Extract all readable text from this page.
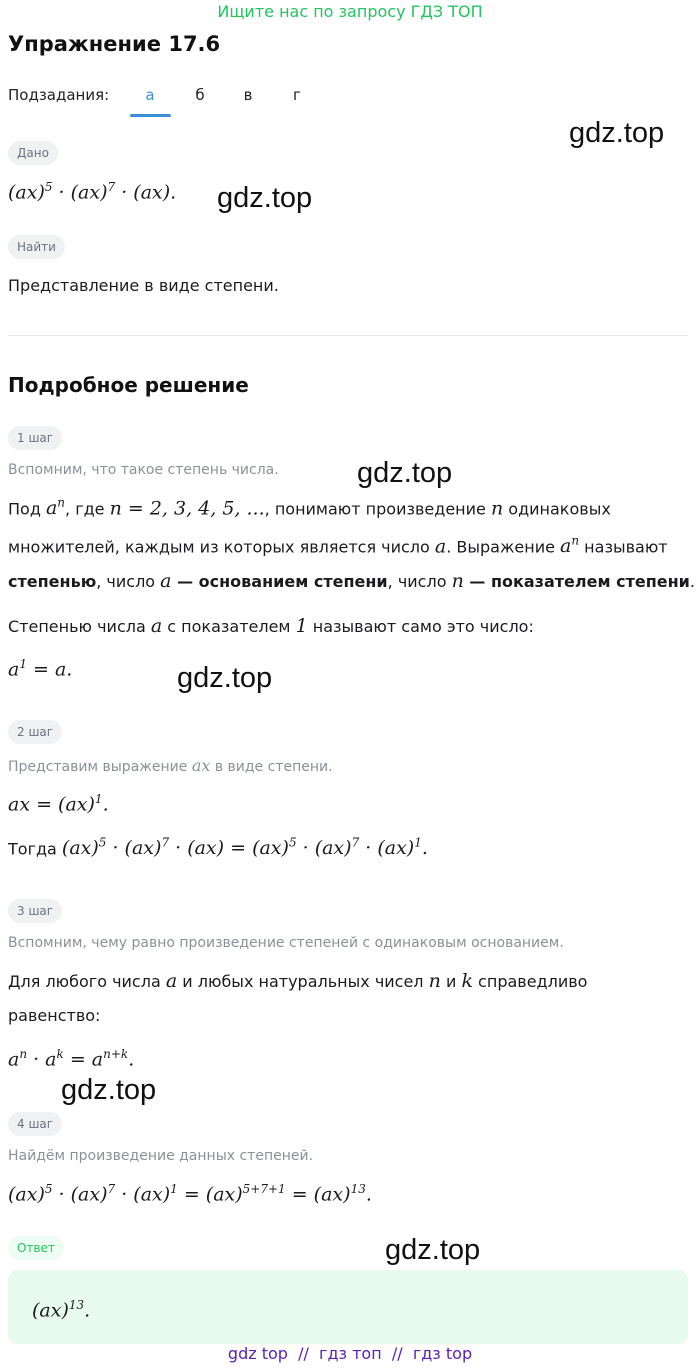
Ищите нас по запросу ГДЗ ТОП
Упражнение 17.6
Подзадания:	а	б	в	г
Дано
(ax)$^5$ · (ax)$^7$ · (ax).
Найти
Представление в виде степени.
Подробное решение
1 шаг
Вспомним, что такое степень числа.
Под $a^n$, где n = 2, 3, 4, 5, ..., понимают произведение n одинаковых
множителей, каждым из которых является число a. Выражение $a^n$ называют
степенью, число a — основанием степени, число n — показателем степени.
Степенью числа a с показателем 1 называют само это число:
$a^1 = a$.
2 шаг
Представим выражение ax в виде степени.
ax = (ax)$^1$.
Тогда (ax)$^5$ · (ax)$^7$ · (ax) = (ax)$^5$ · (ax)$^7$ · (ax)$^1$.
3 шаг
Вспомним, чему равно произведение степеней с одинаковым основанием.
Для любого числа a и любых натуральных чисел n и k справедливо
равенство:
$a^n \cdot a^k = a^{n+k}$.
4 шаг
Найдём произведение данных степеней.
(ax)$^5$ · (ax)$^7$ · (ax)$^1$ = (ax)$^{5+7+1}$ = (ax)$^{13}$.
Ответ
(ax)$^{13}$.
gdz.top
gdz.top
gdz.top
gdz.top
gdz.top
gdz.top
gdz top  //  гдз топ  //  гдз top
